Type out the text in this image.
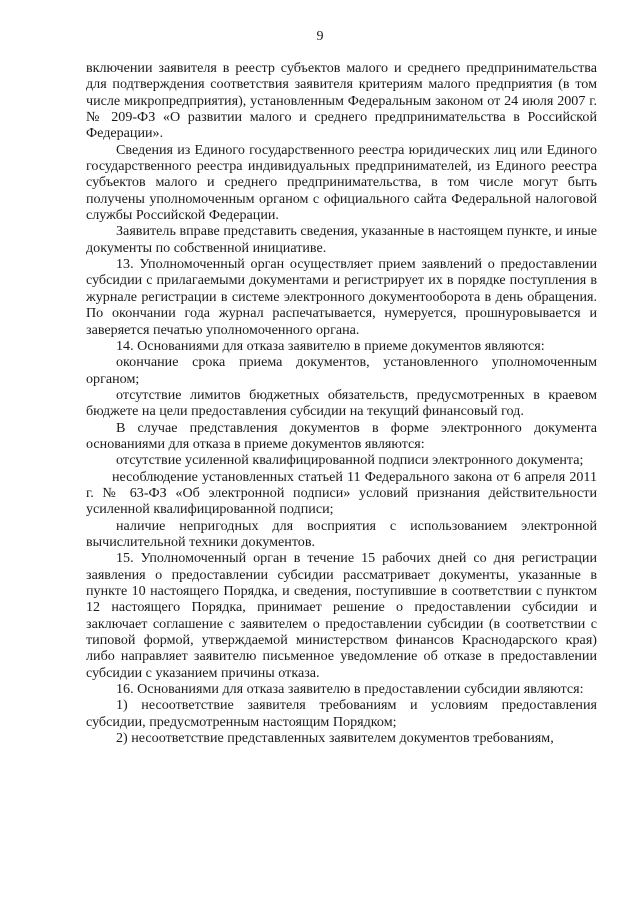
9

включении заявителя в реестр субъектов малого и среднего предпринимательства для подтверждения соответствия заявителя критериям малого предприятия (в том числе микропредприятия), установленным Федеральным законом от 24 июля 2007 г. № 209-ФЗ «О развитии малого и среднего предпринимательства в Российской Федерации».

Сведения из Единого государственного реестра юридических лиц или Единого государственного реестра индивидуальных предпринимателей, из Единого реестра субъектов малого и среднего предпринимательства, в том числе могут быть получены уполномоченным органом с официального сайта Федеральной налоговой службы Российской Федерации.

Заявитель вправе представить сведения, указанные в настоящем пункте, и иные документы по собственной инициативе.

13. Уполномоченный орган осуществляет прием заявлений о предоставлении субсидии с прилагаемыми документами и регистрирует их в порядке поступления в журнале регистрации в системе электронного документооборота в день обращения. По окончании года журнал распечатывается, нумеруется, прошнуровывается и заверяется печатью уполномоченного органа.

14. Основаниями для отказа заявителю в приеме документов являются:

окончание срока приема документов, установленного уполномоченным органом;

отсутствие лимитов бюджетных обязательств, предусмотренных в краевом бюджете на цели предоставления субсидии на текущий финансовый год.

В случае представления документов в форме электронного документа основаниями для отказа в приеме документов являются:

отсутствие усиленной квалифицированной подписи электронного документа;

несоблюдение установленных статьей 11 Федерального закона от 6 апреля 2011 г. № 63-ФЗ «Об электронной подписи» условий признания действительности усиленной квалифицированной подписи;

наличие непригодных для восприятия с использованием электронной вычислительной техники документов.

15. Уполномоченный орган в течение 15 рабочих дней со дня регистрации заявления о предоставлении субсидии рассматривает документы, указанные в пункте 10 настоящего Порядка, и сведения, поступившие в соответствии с пунктом 12 настоящего Порядка, принимает решение о предоставлении субсидии и заключает соглашение с заявителем о предоставлении субсидии (в соответствии с типовой формой, утверждаемой министерством финансов Краснодарского края) либо направляет заявителю письменное уведомление об отказе в предоставлении субсидии с указанием причины отказа.

16. Основаниями для отказа заявителю в предоставлении субсидии являются:

1) несоответствие заявителя требованиям и условиям предоставления субсидии, предусмотренным настоящим Порядком;

2) несоответствие представленных заявителем документов требованиям,
